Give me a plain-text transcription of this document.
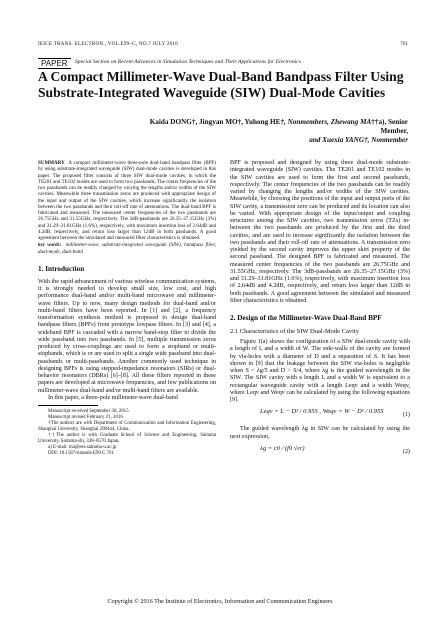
IEICE TRANS. ELECTRON., VOL.E99–C, NO.7 JULY 2016	761
PAPER	Special Section on Recent Advances in Simulation Techniques and Their Applications for Electronics
A Compact Millimeter-Wave Dual-Band Bandpass Filter Using Substrate-Integrated Waveguide (SIW) Dual-Mode Cavities
Kaida DONG†, Jingyan MO†, Yuhong HE†, Nonmembers, Zhewang MA††a), Senior Member,
and Xuexia YANG†, Nonmember
SUMMARY A compact millimeter-wave three-pole dual-band bandpass filter (BPF) by using substrate-integrated waveguide (SIW) dual-mode cavities is developed in this paper. The proposed filter consists of three SIW dual-mode cavities, in which the TE201 and TE102 modes are used to form two passbands. The center frequencies of the two passbands can be readily changed by varying the lengths and/or widths of the SIW cavities. Meanwhile three transmission zeros are produced with appropriate design of the input and output of the SIW cavities, which increase significantly the isolation between the two passbands and their roll-off rate of attenuations. The dual-band BPF is fabricated and measured. The measured center frequencies of the two passbands are 26.75GHz and 31.55GHz, respectively. The 3dB-passbands are 26.35–27.15GHz (3%) and 31.29–31.81GHz (1.6%), respectively, with maximum insertion loss of 2.64dB and 4.2dB, respectively, and return loss larger than 12dB in both passbands. A good agreement between the simulated and measured filter characteristics is obtained.
key words: millimeter-wave, substrate-integrated waveguide (SIW), bandpass filter, dual-mode, dual-band
1. Introduction
With the rapid advancement of various wireless communication systems, it is strongly needed to develop small size, low cost, and high performance dual-band and/or multi-band microwave and millimeter-wave filters. Up to now, many design methods for dual-band and/or multi-band filters have been reported. In [1] and [2], a frequency transformation synthesis method is proposed to design dual-band bandpass filters (BPFs) from prototype lowpass filters. In [3] and [4], a wideband BPF is cascaded with a narrow band-stop filter to divide the wide passband into two passbands. In [5], multiple transmission zeros produced by cross-couplings are used to form a stopband or multi-stopbands, which is or are used to split a single wide passband into dual-passbands or multi-passbands. Another commonly used technique in designing BPFs is using stepped-impedance resonators (SIRs) or dual-behavior resonators (DBRs) [6]–[8]. All these filters reported in these papers are developed at microwave frequencies, and few publications on millimeter-wave dual-band and/or multi-band filters are available.
In this paper, a three-pole millimeter-wave dual-band
Manuscript received September 30, 2015.
Manuscript revised February 21, 2016.
†The authors are with Department of Communication and Information Engineering, Shanghai University, Shanghai 200444, China.
††The author is with Graduate School of Science and Engineering, Saitama University, Saitama-shi, 338–8570 Japan.
a) E-mail: ma@ees.saitama-u.ac.jp
DOI: 10.1587/transele.E99.C.761
BPF is proposed and designed by using three dual-mode substrate-integrated waveguide (SIW) cavities. The TE201 and TE102 modes in the SIW cavities are used to form the first and second passbands, respectively. The center frequencies of the two passbands can be readily varied by changing the lengths and/or widths of the SIW cavities. Meanwhile, by choosing the positions of the input and output ports of the SIW cavity, a transmission zero can be produced and its location can also be varied. With appropriate design of the input/output and coupling structures among the SIW cavities, two transmission zeros (TZs) in-between the two passbands are produced by the first and the third cavities, and are used to increase significantly the isolation between the two passbands and their roll-off rate of attenuations. A transmission zero yielded by the second cavity improves the upper skirt property of the second passband. The designed BPF is fabricated and measured. The measured center frequencies of the two passbands are 26.75GHz and 31.55GHz, respectively. The 3dB-passbands are 26.35–27.15GHz (3%) and 31.29–31.81GHz (1.6%), respectively, with maximum insertion loss of 2.64dB and 4.2dB, respectively, and return loss larger than 12dB in both passbands. A good agreement between the simulated and measured filter characteristics is obtained.
2. Design of the Millimeter-Wave Dual-Band BPF
2.1 Characteristics of the SIW Dual-Mode Cavity
Figure 1(a) shows the configuration of a SIW dual-mode cavity with a length of L and a width of W. The side-walls of the cavity are formed by via-holes with a diameter of D and a separation of S. It has been shown in [9] that the leakage between the SIW via-holes is negligible when S < λg/5 and D > S/4, where λg is the guided wavelength in the SIW. The SIW cavity with a length L and a width W is equivalent to a rectangular waveguide cavity with a length Leqv and a width Weqv, where Leqv and Weqv can be calculated by using the following equations [9].
Leqv = L − D² / 0.95S , Weqv = W − D² / 0.95S	(1)
The guided wavelength λg in SIW can be calculated by using the next expression,
λg = c0 / (f0 √εr)	(2)
Copyright © 2016 The Institute of Electronics, Information and Communication Engineers
